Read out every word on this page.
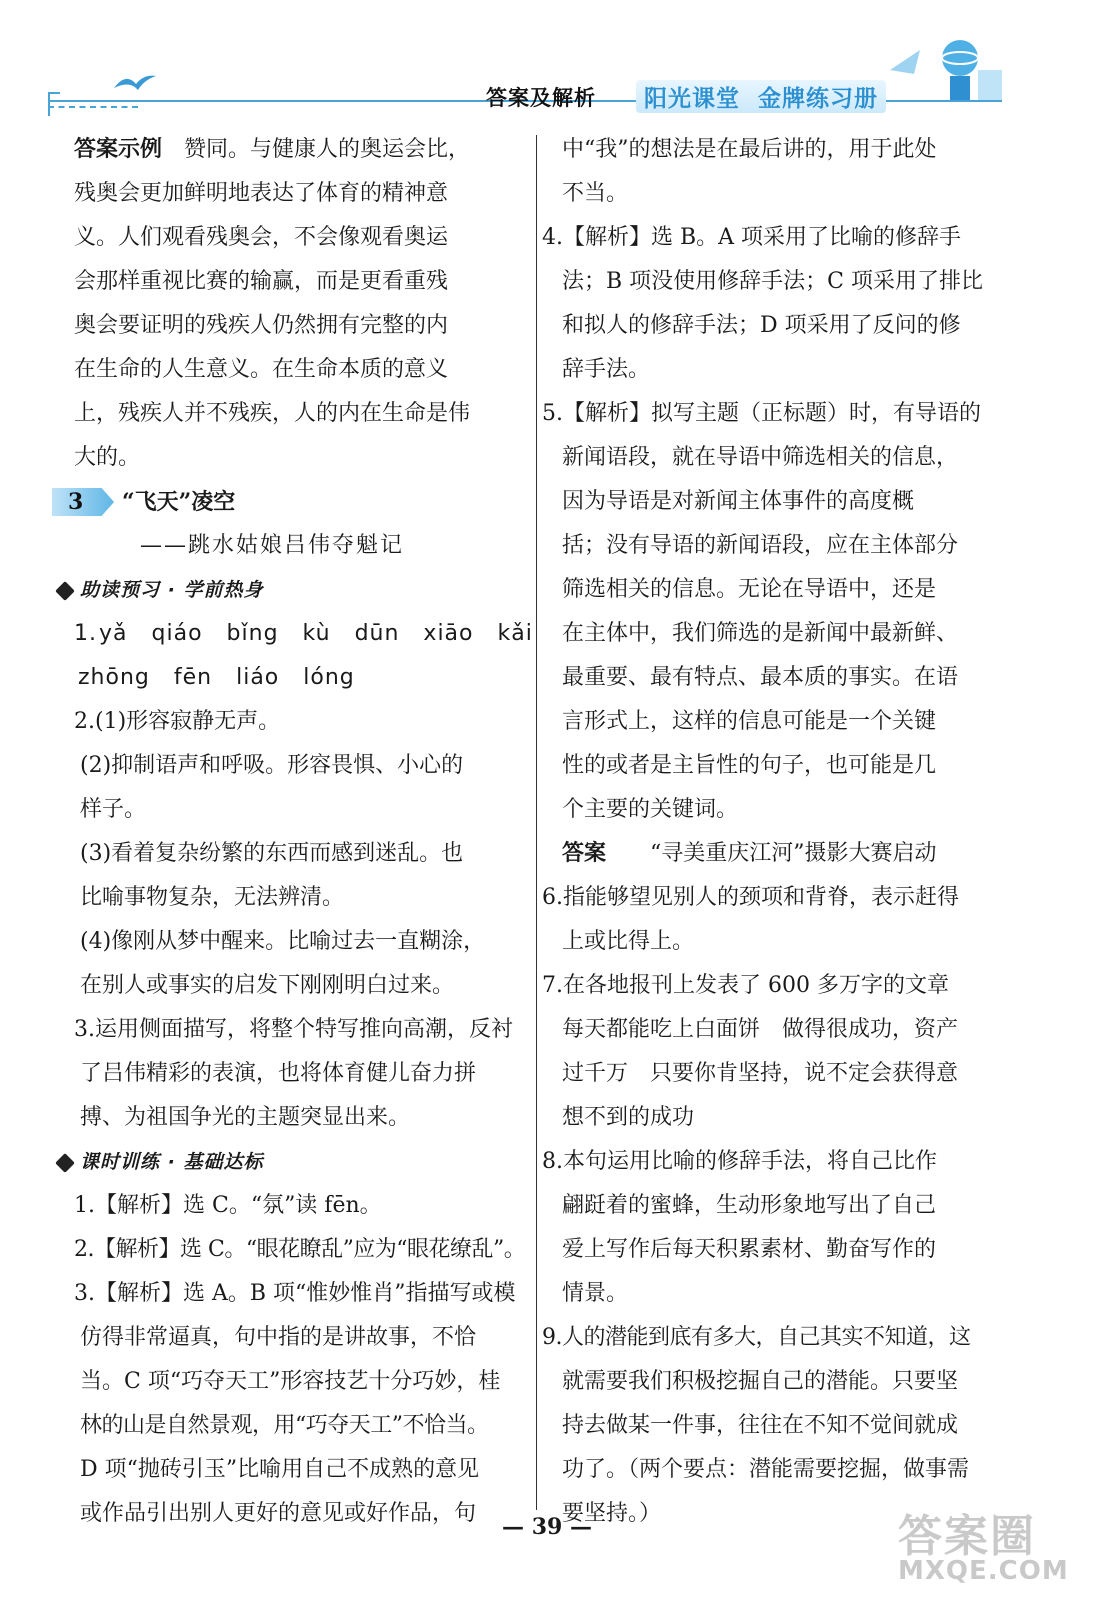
答案及解析	阳光课堂 金牌练习册

答案示例　 赞同。与健康人的奥运会比，

残奥会更加鲜明地表达了体育的精神意

义。人们观看残奥会，不会像观看奥运

会那样重视比赛的输赢，而是更看重残

奥会要证明的残疾人仍然拥有完整的内

在生命的人生意义。在生命本质的意义

上，残疾人并不残疾，人的内在生命是伟

大的。

3 “飞天”凌空

——跳水姑娘吕伟夺魁记

助读预习 · 学前热身

1.yǎ qiáo bǐng kù dūn xiāo kǎi

zhōng fēn liáo lóng

2.(1)形容寂静无声。

(2)抑制语声和呼吸。形容畏惧、小心的

样子。

(3)看着复杂纷繁的东西而感到迷乱。也

比喻事物复杂，无法辨清。

(4)像刚从梦中醒来。比喻过去一直糊涂，

在别人或事实的启发下刚刚明白过来。

3.运用侧面描写，将整个特写推向高潮，反衬

了吕伟精彩的表演，也将体育健儿奋力拼

搏、为祖国争光的主题突显出来。

课时训练 · 基础达标

1.【解析】选 C。“氛”读 fēn。

2.【解析】选 C。“眼花瞭乱”应为“眼花缭乱”。

3.【解析】选 A。B 项“惟妙惟肖”指描写或模

仿得非常逼真，句中指的是讲故事，不恰

当。C 项“巧夺天工”形容技艺十分巧妙，桂

林的山是自然景观，用“巧夺天工”不恰当。

D 项“抛砖引玉”比喻用自己不成熟的意见

或作品引出别人更好的意见或好作品，句

中“我”的想法是在最后讲的，用于此处

不当。

4.【解析】选 B。A 项采用了比喻的修辞手

法；B 项没使用修辞手法；C 项采用了排比

和拟人的修辞手法；D 项采用了反问的修

辞手法。

5.【解析】拟写主题（正标题）时，有导语的

新闻语段，就在导语中筛选相关的信息，

因为导语是对新闻主体事件的高度概

括；没有导语的新闻语段，应在主体部分

筛选相关的信息。无论在导语中，还是

在主体中，我们筛选的是新闻中最新鲜、

最重要、最有特点、最本质的事实。在语

言形式上，这样的信息可能是一个关键

性的或者是主旨性的句子，也可能是几

个主要的关键词。

答案　　 “寻美重庆江河”摄影大赛启动

6.指能够望见别人的颈项和背脊，表示赶得

上或比得上。

7.在各地报刊上发表了 600 多万字的文章

每天都能吃上白面饼　做得很成功，资产

过千万　只要你肯坚持，说不定会获得意

想不到的成功

8.本句运用比喻的修辞手法，将自己比作

翩跹着的蜜蜂，生动形象地写出了自己

爱上写作后每天积累素材、勤奋写作的

情景。

9.人的潜能到底有多大，自己其实不知道，这

就需要我们积极挖掘自己的潜能。只要坚

持去做某一件事，往往在不知不觉间就成

功了。（两个要点：潜能需要挖掘，做事需

要坚持。）

— 39 —	答案圈
MXQE.COM
